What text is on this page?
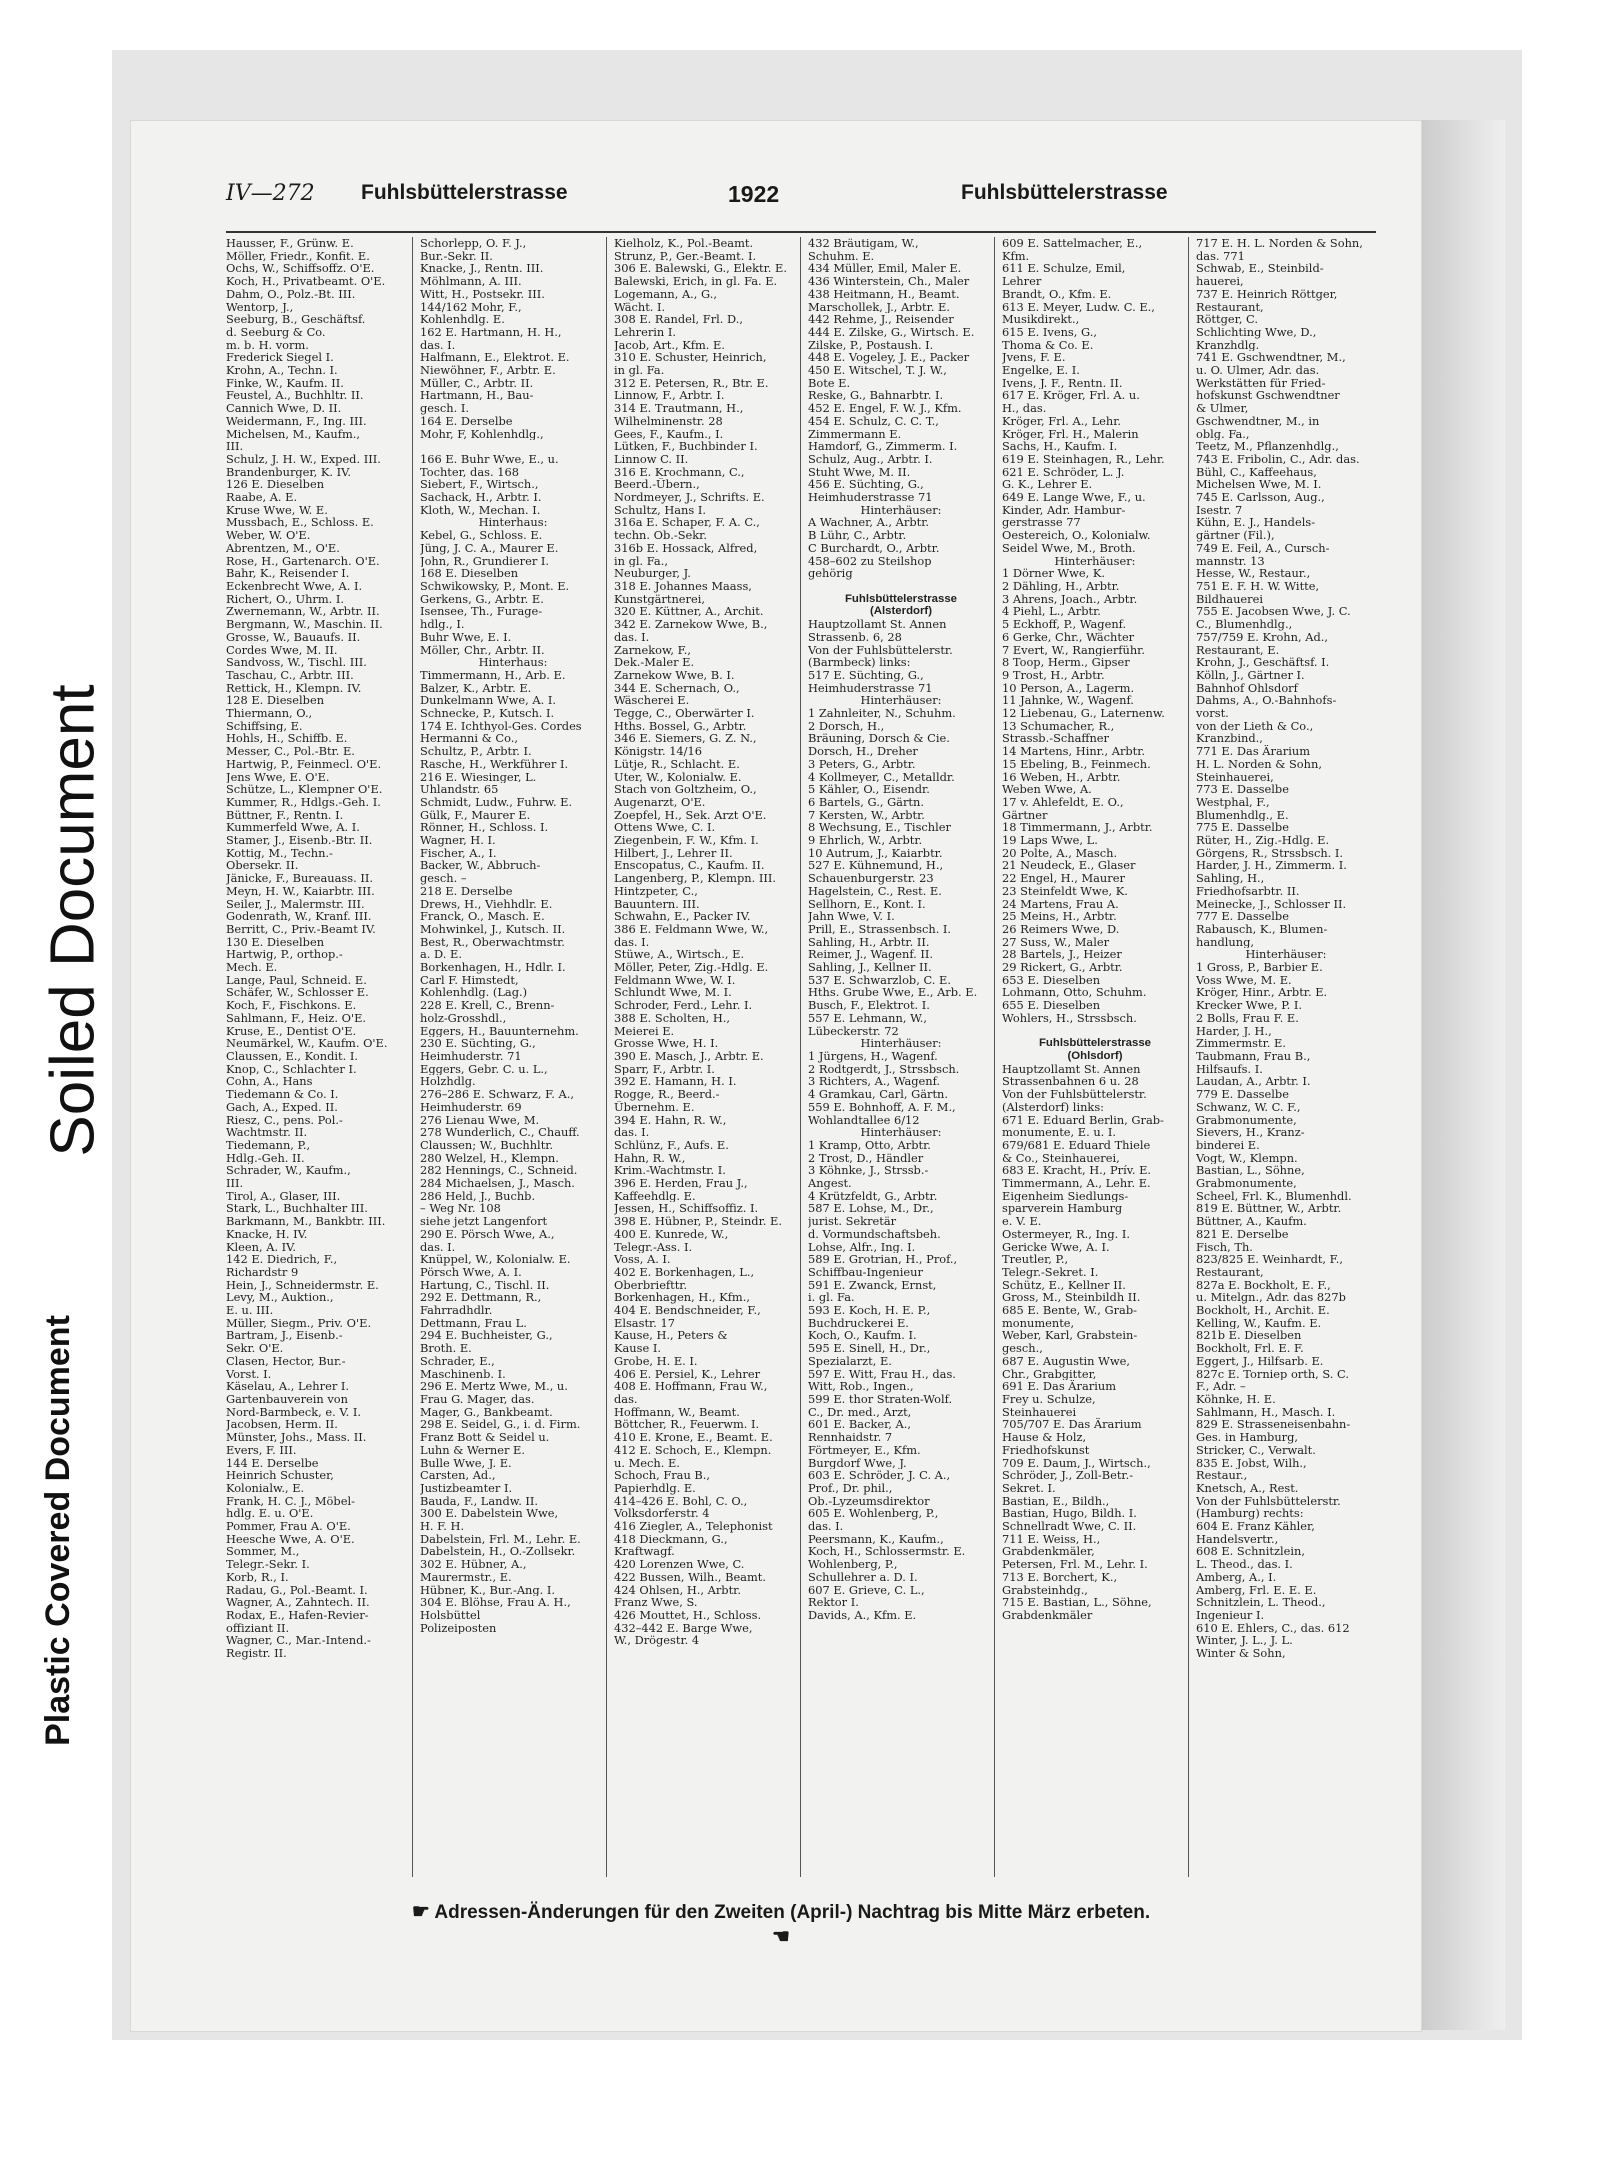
Soiled Document
Plastic Covered Document
IV—272 Fuhlsbüttelerstrasse	1922	Fuhlsbüttelerstrasse
Hausser, F., Grünw. E.
Möller, Friedr., Konfit. E.
Ochs, W., Schiffsoffz. O'E.
Koch, H., Privatbeamt. O'E.
Dahm, O., Polz.-Bt. III.
Wentorp, J.,
Seeburg, B., Geschäftsf.
d. Seeburg & Co.
m. b. H. vorm.
Frederick Siegel I.
Krohn, A., Techn. I.
Finke, W., Kaufm. II.
Feustel, A., Buchhltr. II.
Cannich Wwe, D. II.
Weidermann, F., Ing. III.
Michelsen, M., Kaufm.,
III.
Schulz, J. H. W., Exped. III.
Brandenburger, K. IV.
126 E. Dieselben
Raabe, A. E.
Kruse Wwe, W. E.
Mussbach, E., Schloss. E.
Weber, W. O'E.
Abrentzen, M., O'E.
Rose, H., Gartenarch. O'E.
Bahr, K., Reisender I.
Eckenbrecht Wwe, A. I.
Richert, O., Uhrm. I.
Zwernemann, W., Arbtr. II.
Bergmann, W., Maschin. II.
Grosse, W., Bauaufs. II.
Cordes Wwe, M. II.
Sandvoss, W., Tischl. III.
Taschau, C., Arbtr. III.
Rettick, H., Klempn. IV.
128 E. Dieselben
Thiermann, O.,
Schiffsing, E.
Hohls, H., Schiffb. E.
Messer, C., Pol.-Btr. E.
Hartwig, P., Feinmecl. O'E.
Jens Wwe, E. O'E.
Schütze, L., Klempner O'E.
Kummer, R., Hdlgs.-Geh. I.
Büttner, F., Rentn. I.
Kummerfeld Wwe, A. I.
Stamer, J., Eisenb.-Btr. II.
Kottig, M., Techn.-
Obersekr. II.
Jänicke, F., Bureauass. II.
Meyn, H. W., Kaiarbtr. III.
Seiler, J., Malermstr. III.
Godenrath, W., Kranf. III.
Berritt, C., Priv.-Beamt IV.
130 E. Dieselben
Hartwig, P., orthop.-
Mech. E.
Lange, Paul, Schneid. E.
Schäfer, W., Schlosser E.
Koch, F., Fischkons. E.
Sahlmann, F., Heiz. O'E.
Kruse, E., Dentist O'E.
Neumärkel, W., Kaufm. O'E.
Claussen, E., Kondit. I.
Knop, C., Schlachter I.
Cohn, A., Hans
Tiedemann & Co. I.
Gach, A., Exped. II.
Riesz, C., pens. Pol.-
Wachtmstr. II.
Tiedemann, P.,
Hdlg.-Geh. II.
Schrader, W., Kaufm.,
III.
Tirol, A., Glaser, III.
Stark, L., Buchhalter III.
Barkmann, M., Bankbtr. III.
Knacke, H. IV.
Kleen, A. IV.
142 E. Diedrich, F.,
Richardstr 9
Hein, J., Schneidermstr. E.
Levy, M., Auktion.,
E. u. III.
Müller, Siegm., Priv. O'E.
Bartram, J., Eisenb.-
Sekr. O'E.
Clasen, Hector, Bur.-
Vorst. I.
Käselau, A., Lehrer I.
Gartenbauverein von
Nord-Barmbeck, e. V. I.
Jacobsen, Herm. II.
Münster, Johs., Mass. II.
Evers, F. III.
144 E. Derselbe
Heinrich Schuster,
Kolonialw., E.
Frank, H. C. J., Möbel-
hdlg. E. u. O'E.
Pommer, Frau A. O'E.
Heesche Wwe, A. O'E.
Sommer, M.,
Telegr.-Sekr. I.
Korb, R., I.
Radau, G., Pol.-Beamt. I.
Wagner, A., Zahntech. II.
Rodax, E., Hafen-Revier-
offiziant II.
Wagner, C., Mar.-Intend.-
Registr. II.
Schorlepp, O. F. J.,
Bur.-Sekr. II.
Knacke, J., Rentn. III.
Möhlmann, A. III.
Witt, H., Postsekr. III.
144/162 Mohr, F.,
Kohlenhdlg. E.
162 E. Hartmann, H. H.,
das. I.
Halfmann, E., Elektrot. E.
Niewöhner, F., Arbtr. E.
Müller, C., Arbtr. II.
Hartmann, H., Bau-
gesch. I.
164 E. Derselbe
Mohr, F, Kohlenhdlg.,

166 E. Buhr Wwe, E., u.
Tochter, das. 168
Siebert, F., Wirtsch.,
Sachack, H., Arbtr. I.
Kloth, W., Mechan. I.
Hinterhaus:
Kebel, G., Schloss. E.
Jüng, J. C. A., Maurer E.
John, R., Grundierer I.
168 E. Dieselben
Schwikowsky, P., Mont. E.
Gerkens, G., Arbtr. E.
Isensee, Th., Furage-
hdlg., I.
Buhr Wwe, E. I.
Möller, Chr., Arbtr. II.
Hinterhaus:
Timmermann, H., Arb. E.
Balzer, K., Arbtr. E.
Dunkelmann Wwe, A. I.
Schnecke, P., Kutsch. I.
174 E. Ichthyol-Ges. Cordes
Hermanni & Co.,
Schultz, P., Arbtr. I.
Rasche, H., Werkführer I.
216 E. Wiesinger, L.
Uhlandstr. 65
Schmidt, Ludw., Fuhrw. E.
Gülk, F., Maurer E.
Rönner, H., Schloss. I.
Wagner, H. I.
Fischer, A., I.
Backer, W., Abbruch-
gesch. –
218 E. Derselbe
Drews, H., Viehhdlr. E.
Franck, O., Masch. E.
Mohwinkel, J., Kutsch. II.
Best, R., Oberwachtmstr.
a. D. E.
Borkenhagen, H., Hdlr. I.
Carl F. Himstedt,
Kohlenhdlg. (Lag.)
228 E. Krell, C., Brenn-
holz-Grosshdl.,
Eggers, H., Bauunternehm.
230 E. Süchting, G.,
Heimhuderstr. 71
Eggers, Gebr. C. u. L.,
Holzhdlg.
276–286 E. Schwarz, F. A.,
Heimhuderstr. 69
276 Lienau Wwe, M.
278 Wunderlich, C., Chauff.
Claussen; W., Buchhltr.
280 Welzel, H., Klempn.
282 Hennings, C., Schneid.
284 Michaelsen, J., Masch.
286 Held, J., Buchb.
– Weg Nr. 108
siehe jetzt Langenfort
290 E. Pörsch Wwe, A.,
das. I.
Knüppel, W., Kolonialw. E.
Pörsch Wwe, A. I.
Hartung, C., Tischl. II.
292 E. Dettmann, R.,
Fahrradhdlr.
Dettmann, Frau L.
294 E. Buchheister, G.,
Broth. E.
Schrader, E.,
Maschinenb. I.
296 E. Mertz Wwe, M., u.
Frau G. Mager, das.
Mager, G., Bankbeamt.
298 E. Seidel, G., i. d. Firm.
Franz Bott & Seidel u.
Luhn & Werner E.
Bulle Wwe, J. E.
Carsten, Ad.,
Justizbeamter I.
Bauda, F., Landw. II.
300 E. Dabelstein Wwe,
H. F. H.
Dabelstein, Frl. M., Lehr. E.
Dabelstein, H., O.-Zollsekr.
302 E. Hübner, A.,
Maurermstr., E.
Hübner, K., Bur.-Ang. I.
304 E. Blöhse, Frau A. H.,
Holsbüttel
Polizeiposten
Kielholz, K., Pol.-Beamt.
Strunz, P., Ger.-Beamt. I.
306 E. Balewski, G., Elektr. E.
Balewski, Erich, in gl. Fa. E.
Logemann, A., G.,
Wächt. I.
308 E. Randel, Frl. D.,
Lehrerin I.
Jacob, Art., Kfm. E.
310 E. Schuster, Heinrich,
in gl. Fa.
312 E. Petersen, R., Btr. E.
Linnow, F., Arbtr. I.
314 E. Trautmann, H.,
Wilhelminenstr. 28
Gees, F., Kaufm., I.
Lütken, F., Buchbinder I.
Linnow C. II.
316 E. Krochmann, C.,
Beerd.-Übern.,
Nordmeyer, J., Schrifts. E.
Schultz, Hans I.
316a E. Schaper, F. A. C.,
techn. Ob.-Sekr.
316b E. Hossack, Alfred,
in gl. Fa.,
Neuburger, J.
318 E. Johannes Maass,
Kunstgärtnerei,
320 E. Küttner, A., Archit.
342 E. Zarnekow Wwe, B.,
das. I.
Zarnekow, F.,
Dek.-Maler E.
Zarnekow Wwe, B. I.
344 E. Schernach, O.,
Wäscherei E.
Tegge, C., Oberwärter I.
Hths. Bossel, G., Arbtr.
346 E. Siemers, G. Z. N.,
Königstr. 14/16
Lütje, R., Schlacht. E.
Uter, W., Kolonialw. E.
Stach von Goltzheim, O.,
Augenarzt, O'E.
Zoepfel, H., Sek. Arzt O'E.
Ottens Wwe, C. I.
Ziegenbein, F. W., Kfm. I.
Hilbert, J., Lehrer II.
Enscopatus, C., Kaufm. II.
Langenberg, P., Klempn. III.
Hintzpeter, C.,
Bauuntern. III.
Schwahn, E., Packer IV.
386 E. Feldmann Wwe, W.,
das. I.
Stüwe, A., Wirtsch., E.
Möller, Peter, Zig.-Hdlg. E.
Feldmann Wwe, W. I.
Schlundt Wwe, M. I.
Schroder, Ferd., Lehr. I.
388 E. Scholten, H.,
Meierei E.
Grosse Wwe, H. I.
390 E. Masch, J., Arbtr. E.
Sparr, F., Arbtr. I.
392 E. Hamann, H. I.
Rogge, R., Beerd.-
Übernehm. E.
394 E. Hahn, R. W.,
das. I.
Schlünz, F., Aufs. E.
Hahn, R. W.,
Krim.-Wachtmstr. I.
396 E. Herden, Frau J.,
Kaffeehdlg. E.
Jessen, H., Schiffsoffiz. I.
398 E. Hübner, P., Steindr. E.
400 E. Kunrede, W.,
Telegr.-Ass. I.
Voss, A. I.
402 E. Borkenhagen, L.,
Oberbriefttr.
Borkenhagen, H., Kfm.,
404 E. Bendschneider, F.,
Elsastr. 17
Kause, H., Peters &
Kause I.
Grobe, H. E. I.
406 E. Persiel, K., Lehrer
408 E. Hoffmann, Frau W.,
das.
Hoffmann, W., Beamt.
Böttcher, R., Feuerwm. I.
410 E. Krone, E., Beamt. E.
412 E. Schoch, E., Klempn.
u. Mech. E.
Schoch, Frau B.,
Papierhdlg. E.
414–426 E. Bohl, C. O.,
Volksdorferstr. 4
416 Ziegler, A., Telephonist
418 Dieckmann, G.,
Kraftwagf.
420 Lorenzen Wwe, C.
422 Bussen, Wilh., Beamt.
424 Ohlsen, H., Arbtr.
Franz Wwe, S.
426 Mouttet, H., Schloss.
432–442 E. Barge Wwe,
W., Drögestr. 4
432 Bräutigam, W.,
Schuhm. E.
434 Müller, Emil, Maler E.
436 Winterstein, Ch., Maler
438 Heitmann, H., Beamt.
Marschollek, J., Arbtr. E.
442 Rehme, J., Reisender
444 E. Zilske, G., Wirtsch. E.
Zilske, P., Postaush. I.
448 E. Vogeley, J. E., Packer
450 E. Witschel, T. J. W.,
Bote E.
Reske, G., Bahnarbtr. I.
452 E. Engel, F. W. J., Kfm.
454 E. Schulz, C. C. T.,
Zimmermann E.
Hamdorf, G., Zimmerm. I.
Schulz, Aug., Arbtr. I.
Stuht Wwe, M. II.
456 E. Süchting, G.,
Heimhuderstrasse 71
Hinterhäuser:
A Wachner, A., Arbtr.
B Lühr, C., Arbtr.
C Burchardt, O., Arbtr.
458–602 zu Steilshop
gehörig

Fuhlsbüttelerstrasse
(Alsterdorf)
Hauptzollamt St. Annen
Strassenb. 6, 28
Von der Fuhlsbüttelerstr.
(Barmbeck) links:
517 E. Süchting, G.,
Heimhuderstrasse 71
Hinterhäuser:
1 Zahnleiter, N., Schuhm.
2 Dorsch, H.,
Bräuning, Dorsch & Cie.
Dorsch, H., Dreher
3 Peters, G., Arbtr.
4 Kollmeyer, C., Metalldr.
5 Kähler, O., Eisendr.
6 Bartels, G., Gärtn.
7 Kersten, W., Arbtr.
8 Wechsung, E., Tischler
9 Ehrlich, W., Arbtr.
10 Autrum, J., Kaiarbtr.
527 E. Kühnemund, H.,
Schauenburgerstr. 23
Hagelstein, C., Rest. E.
Sellhorn, E., Kont. I.
Jahn Wwe, V. I.
Prill, E., Strassenbsch. I.
Sahling, H., Arbtr. II.
Reimer, J., Wagenf. II.
Sahling, J., Kellner II.
537 E. Schwarzlob, C. E.
Hths. Grube Wwe, E., Arb. E.
Busch, F., Elektrot. I.
557 E. Lehmann, W.,
Lübeckerstr. 72
Hinterhäuser:
1 Jürgens, H., Wagenf.
2 Rodtgerdt, J., Strssbsch.
3 Richters, A., Wagenf.
4 Gramkau, Carl, Gärtn.
559 E. Bohnhoff, A. F. M.,
Wohlandtallee 6/12
Hinterhäuser:
1 Kramp, Otto, Arbtr.
2 Trost, D., Händler
3 Köhnke, J., Strssb.-
Angest.
4 Krützfeldt, G., Arbtr.
587 E. Lohse, M., Dr.,
jurist. Sekretär
d. Vormundschaftsbeh.
Lohse, Alfr., Ing. I.
589 E. Grotrian, H., Prof.,
Schiffbau-Ingenieur
591 E. Zwanck, Ernst,
i. gl. Fa.
593 E. Koch, H. E. P.,
Buchdruckerei E.
Koch, O., Kaufm. I.
595 E. Sinell, H., Dr.,
Spezialarzt, E.
597 E. Witt, Frau H., das.
Witt, Rob., Ingen.,
599 E. thor Straten-Wolf.
C., Dr. med., Arzt,
601 E. Backer, A.,
Rennhaidstr. 7
Förtmeyer, E., Kfm.
Burgdorf Wwe, J.
603 E. Schröder, J. C. A.,
Prof., Dr. phil.,
Ob.-Lyzeumsdirektor
605 E. Wohlenberg, P.,
das. I.
Peersmann, K., Kaufm.,
Koch, H., Schlossermstr. E.
Wohlenberg, P.,
Schullehrer a. D. I.
607 E. Grieve, C. L.,
Rektor I.
Davids, A., Kfm. E.
609 E. Sattelmacher, E.,
Kfm.
611 E. Schulze, Emil,
Lehrer
Brandt, O., Kfm. E.
613 E. Meyer, Ludw. C. E.,
Musikdirekt.,
615 E. Ivens, G.,
Thoma & Co. E.
Jvens, F. E.
Engelke, E. I.
Ivens, J. F., Rentn. II.
617 E. Kröger, Frl. A. u.
H., das.
Kröger, Frl. A., Lehr.
Kröger, Frl. H., Malerin
Sachs, H., Kaufm. I.
619 E. Steinhagen, R., Lehr.
621 E. Schröder, L. J.
G. K., Lehrer E.
649 E. Lange Wwe, F., u.
Kinder, Adr. Hambur-
gerstrasse 77
Oestereich, O., Kolonialw.
Seidel Wwe, M., Broth.
Hinterhäuser:
1 Dörner Wwe, K.
2 Dähling, H., Arbtr.
3 Ahrens, Joach., Arbtr.
4 Piehl, L., Arbtr.
5 Eckhoff, P., Wagenf.
6 Gerke, Chr., Wächter
7 Evert, W., Rangierführ.
8 Toop, Herm., Gipser
9 Trost, H., Arbtr.
10 Person, A., Lagerm.
11 Jahnke, W., Wagenf.
12 Liebenau, G., Laternenw.
13 Schumacher, R.,
Strassb.-Schaffner
14 Martens, Hinr., Arbtr.
15 Ebeling, B., Feinmech.
16 Weben, H., Arbtr.
Weben Wwe, A.
17 v. Ahlefeldt, E. O.,
Gärtner
18 Timmermann, J., Arbtr.
19 Laps Wwe, L.
20 Polte, A., Masch.
21 Neudeck, E., Glaser
22 Engel, H., Maurer
23 Steinfeldt Wwe, K.
24 Martens, Frau A.
25 Meins, H., Arbtr.
26 Reimers Wwe, D.
27 Suss, W., Maler
28 Bartels, J., Heizer
29 Rickert, G., Arbtr.
653 E. Dieselben
Lohmann, Otto, Schuhm.
655 E. Dieselben
Wohlers, H., Strssbsch.

Fuhlsbüttelerstrasse
(Ohlsdorf)
Hauptzollamt St. Annen
Strassenbahnen 6 u. 28
Von der Fuhlsbüttelerstr.
(Alsterdorf) links:
671 E. Eduard Berlin, Grab-
monumente, E. u. I.
679/681 E. Eduard Thiele
& Co., Steinhauerei,
683 E. Kracht, H., Prív. E.
Timmermann, A., Lehr. E.
Eigenheim Siedlungs-
sparverein Hamburg
e. V. E.
Ostermeyer, R., Ing. I.
Gericke Wwe, A. I.
Treutler, P.,
Telegr.-Sekret. I.
Schütz, E., Kellner II.
Gross, M., Steinbildh II.
685 E. Bente, W., Grab-
monumente,
Weber, Karl, Grabstein-
gesch.,
687 E. Augustin Wwe,
Chr., Grabgitter,
691 E. Das Ärarium
Frey u. Schulze,
Steinhauerei
705/707 E. Das Ärarium
Hause & Holz,
Friedhofskunst
709 E. Daum, J., Wirtsch.,
Schröder, J., Zoll-Betr.-
Sekret. I.
Bastian, E., Bildh.,
Bastian, Hugo, Bildh. I.
Schnellradt Wwe, C. II.
711 E. Weiss, H.,
Grabdenkmäler,
Petersen, Frl. M., Lehr. I.
713 E. Borchert, K.,
Grabsteinhdg.,
715 E. Bastian, L., Söhne,
Grabdenkmäler
717 E. H. L. Norden & Sohn,
das. 771
Schwab, E., Steinbild-
hauerei,
737 E. Heinrich Röttger,
Restaurant,
Röttger, C.
Schlichting Wwe, D.,
Kranzhdlg.
741 E. Gschwendtner, M.,
u. O. Ulmer, Adr. das.
Werkstätten für Fried-
hofskunst Gschwendtner
& Ulmer,
Gschwendtner, M., in
oblg. Fa.,
Teetz, M., Pflanzenhdlg.,
743 E. Fribolin, C., Adr. das.
Bühl, C., Kaffeehaus,
Michelsen Wwe, M. I.
745 E. Carlsson, Aug.,
Isestr. 7
Kühn, E. J., Handels-
gärtner (Fil.),
749 E. Feil, A., Cursch-
mannstr. 13
Hesse, W., Restaur.,
751 E. F. H. W. Witte,
Bildhauerei
755 E. Jacobsen Wwe, J. C.
C., Blumenhdlg.,
757/759 E. Krohn, Ad.,
Restaurant, E.
Krohn, J., Geschäftsf. I.
Kölln, J., Gärtner I.
Bahnhof Ohlsdorf
Dahms, A., O.-Bahnhofs-
vorst.
von der Lieth & Co.,
Kranzbind.,
771 E. Das Ärarium
H. L. Norden & Sohn,
Steinhauerei,
773 E. Dasselbe
Westphal, F.,
Blumenhdlg., E.
775 E. Dasselbe
Rüter, H., Zig.-Hdlg. E.
Görgens, R., Strssbsch. I.
Harder, J. H., Zimmerm. I.
Sahling, H.,
Friedhofsarbtr. II.
Meinecke, J., Schlosser II.
777 E. Dasselbe
Rabausch, K., Blumen-
handlung,
Hinterhäuser:
1 Gross, P., Barbier E.
Voss Wwe, M. E.
Kröger, Hinr., Arbtr. E.
Krecker Wwe, P. I.
2 Bolls, Frau F. E.
Harder, J. H.,
Zimmermstr. E.
Taubmann, Frau B.,
Hilfsaufs. I.
Laudan, A., Arbtr. I.
779 E. Dasselbe
Schwanz, W. C. F.,
Grabmonumente,
Sievers, H., Kranz-
binderei E.
Vogt, W., Klempn.
Bastian, L., Söhne,
Grabmonumente,
Scheel, Frl. K., Blumenhdl.
819 E. Büttner, W., Arbtr.
Büttner, A., Kaufm.
821 E. Derselbe
Fisch, Th.
823/825 E. Weinhardt, F.,
Restaurant,
827a E. Bockholt, E. F.,
u. Mitelgn., Adr. das 827b
Bockholt, H., Archit. E.
Kelling, W., Kaufm. E.
821b E. Dieselben
Bockholt, Frl. E. F.
Eggert, J., Hilfsarb. E.
827c E. Torniep orth, S. C.
F., Adr. –
Köhnke, H. E.
Sahlmann, H., Masch. I.
829 E. Strasseneisenbahn-
Ges. in Hamburg,
Stricker, C., Verwalt.
835 E. Jobst, Wilh.,
Restaur.,
Knetsch, A., Rest.
Von der Fuhlsbüttelerstr.
(Hamburg) rechts:
604 E. Franz Kähler,
Handelsvertr.,
608 E. Schnitzlein,
L. Theod., das. I.
Amberg, A., I.
Amberg, Frl. E. E. E.
Schnitzlein, L. Theod.,
Ingenieur I.
610 E. Ehlers, C., das. 612
Winter, J. L., J. L.
Winter & Sohn,
☛ Adressen-Änderungen für den Zweiten (April-) Nachtrag bis Mitte März erbeten. ☚
